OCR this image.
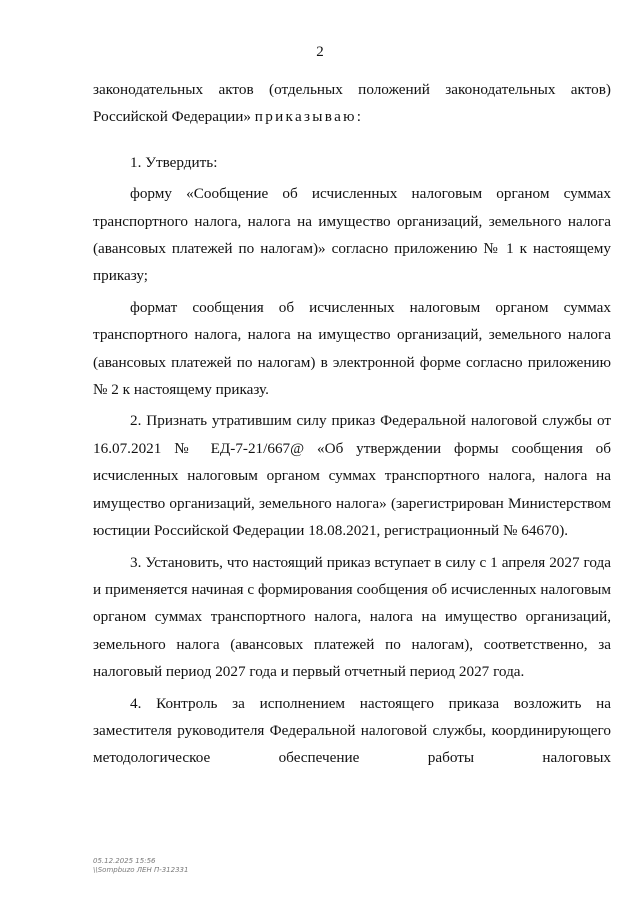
2

законодательных актов (отдельных положений законодательных актов) Российской Федерации» приказываю:

1. Утвердить:

форму «Сообщение об исчисленных налоговым органом суммах транспортного налога, налога на имущество организаций, земельного налога (авансовых платежей по налогам)» согласно приложению № 1 к настоящему приказу;

формат сообщения об исчисленных налоговым органом суммах транспортного налога, налога на имущество организаций, земельного налога (авансовых платежей по налогам) в электронной форме согласно приложению № 2 к настоящему приказу.

2. Признать утратившим силу приказ Федеральной налоговой службы от 16.07.2021 № ЕД-7-21/667@ «Об утверждении формы сообщения об исчисленных налоговым органом суммах транспортного налога, налога на имущество организаций, земельного налога» (зарегистрирован Министерством юстиции Российской Федерации 18.08.2021, регистрационный № 64670).

3. Установить, что настоящий приказ вступает в силу с 1 апреля 2027 года и применяется начиная с формирования сообщения об исчисленных налоговым органом суммах транспортного налога, налога на имущество организаций, земельного налога (авансовых платежей по налогам), соответственно, за налоговый период 2027 года и первый отчетный период 2027 года.

4. Контроль за исполнением настоящего приказа возложить на заместителя руководителя Федеральной налоговой службы, координирующего методологическое обеспечение работы налоговых

05.12.2025 15:56
\\Sompbuzo ЛЕН П-312331
